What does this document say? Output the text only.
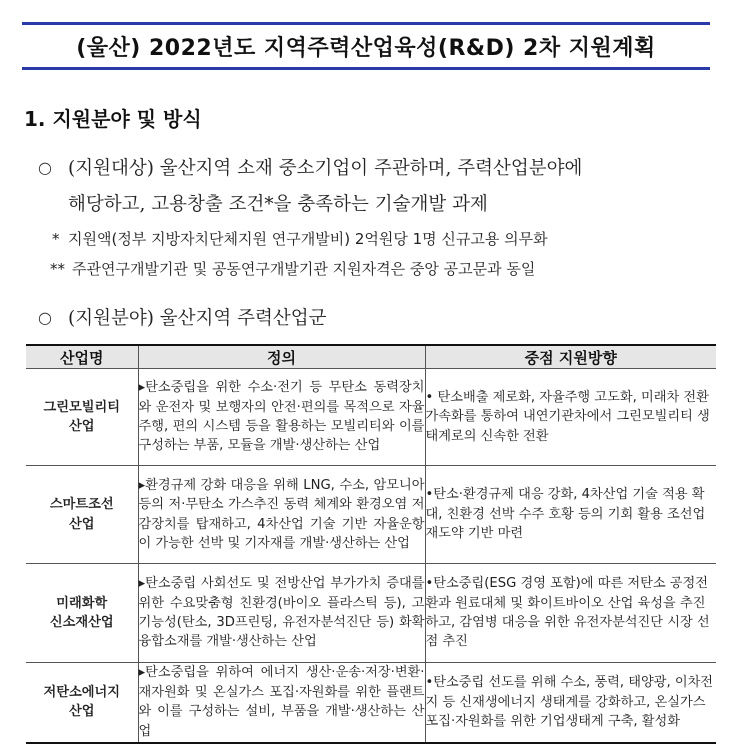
(울산) 2022년도 지역주력산업육성(R&D) 2차 지원계획
1. 지원분야 및 방식
○ (지원대상) 울산지역 소재 중소기업이 주관하며, 주력산업분야에
해당하고, 고용창출 조건*을 충족하는 기술개발 과제
* 지원액(정부 지방자치단체지원 연구개발비) 2억원당 1명 신규고용 의무화
** 주관연구개발기관 및 공동연구개발기관 지원자격은 중앙 공고문과 동일
○ (지원분야) 울산지역 주력산업군
산업명	정의	중점 지원방향
그린모빌리티
산업	▸탄소중립을 위한 수소·전기 등 무탄소 동력장치와 운전자 및 보행자의 안전·편의를 목적으로 자율주행, 편의 시스템 등을 활용하는 모빌리티와 이를 구성하는 부품, 모듈을 개발·생산하는 산업	• 탄소배출 제로화, 자율주행 고도화, 미래차 전환 가속화를 통하여 내연기관차에서 그린모빌리티 생태계로의 신속한 전환
스마트조선
산업	▸환경규제 강화 대응을 위해 LNG, 수소, 암모니아 등의 저·무탄소 가스추진 동력 체계와 환경오염 저감장치를 탑재하고, 4차산업 기술 기반 자율운항이 가능한 선박 및 기자재를 개발·생산하는 산업	•탄소·환경규제 대응 강화, 4차산업 기술 적용 확대, 친환경 선박 수주 호황 등의 기회 활용 조선업 재도약 기반 마련
미래화학
신소재산업	▸탄소중립 사회선도 및 전방산업 부가가치 증대를 위한 수요맞춤형 친환경(바이오 플라스틱 등), 고기능성(탄소, 3D프린팅, 유전자분석진단 등) 화확융합소재를 개발·생산하는 산업	•탄소중립(ESG 경영 포함)에 따른 저탄소 공정전환과 원료대체 및 화이트바이오 산업 육성을 추진하고, 감염병 대응을 위한 유전자분석진단 시장 선점 추진
저탄소에너지
산업	▸탄소중립을 위하여 에너지 생산·운송·저장·변환·재자원화 및 온실가스 포집·자원화를 위한 플랜트와 이를 구성하는 설비, 부품을 개발·생산하는 산업	•탄소중립 선도를 위해 수소, 풍력, 태양광, 이차전지 등 신재생에너지 생태계를 강화하고, 온실가스 포집·자원화를 위한 기업생태계 구축, 활성화
